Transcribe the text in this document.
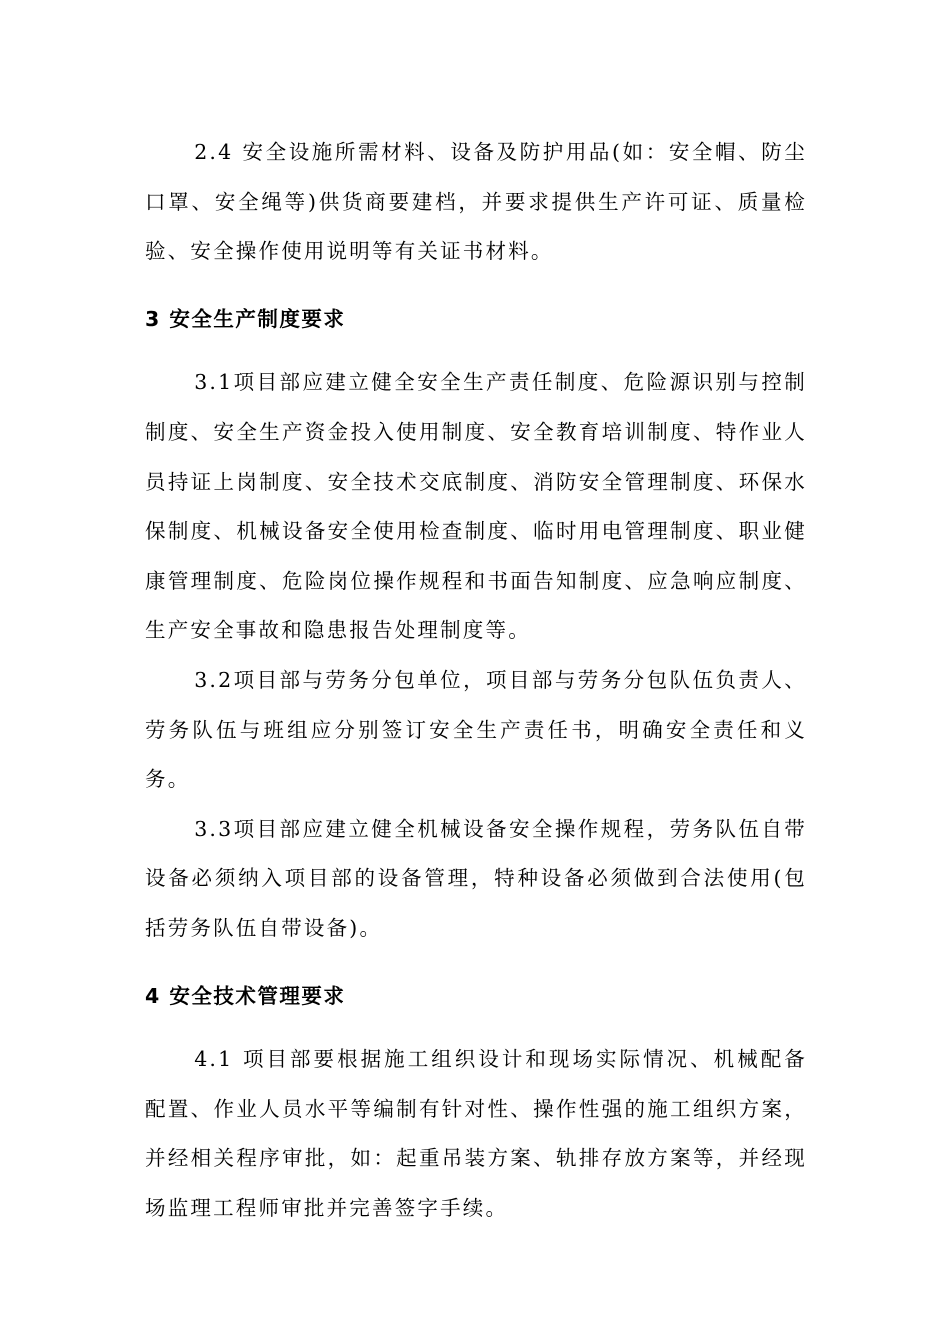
2.4 安全设施所需材料、设备及防护用品(如：安全帽、防尘口罩、安全绳等)供货商要建档，并要求提供生产许可证、质量检验、安全操作使用说明等有关证书材料。

3 安全生产制度要求

3.1项目部应建立健全安全生产责任制度、危险源识别与控制制度、安全生产资金投入使用制度、安全教育培训制度、特作业人员持证上岗制度、安全技术交底制度、消防安全管理制度、环保水保制度、机械设备安全使用检查制度、临时用电管理制度、职业健康管理制度、危险岗位操作规程和书面告知制度、应急响应制度、生产安全事故和隐患报告处理制度等。

3.2项目部与劳务分包单位，项目部与劳务分包队伍负责人、劳务队伍与班组应分别签订安全生产责任书，明确安全责任和义务。

3.3项目部应建立健全机械设备安全操作规程，劳务队伍自带设备必须纳入项目部的设备管理，特种设备必须做到合法使用(包括劳务队伍自带设备)。

4 安全技术管理要求

4.1 项目部要根据施工组织设计和现场实际情况、机械配备配置、作业人员水平等编制有针对性、操作性强的施工组织方案，并经相关程序审批，如：起重吊装方案、轨排存放方案等，并经现场监理工程师审批并完善签字手续。
